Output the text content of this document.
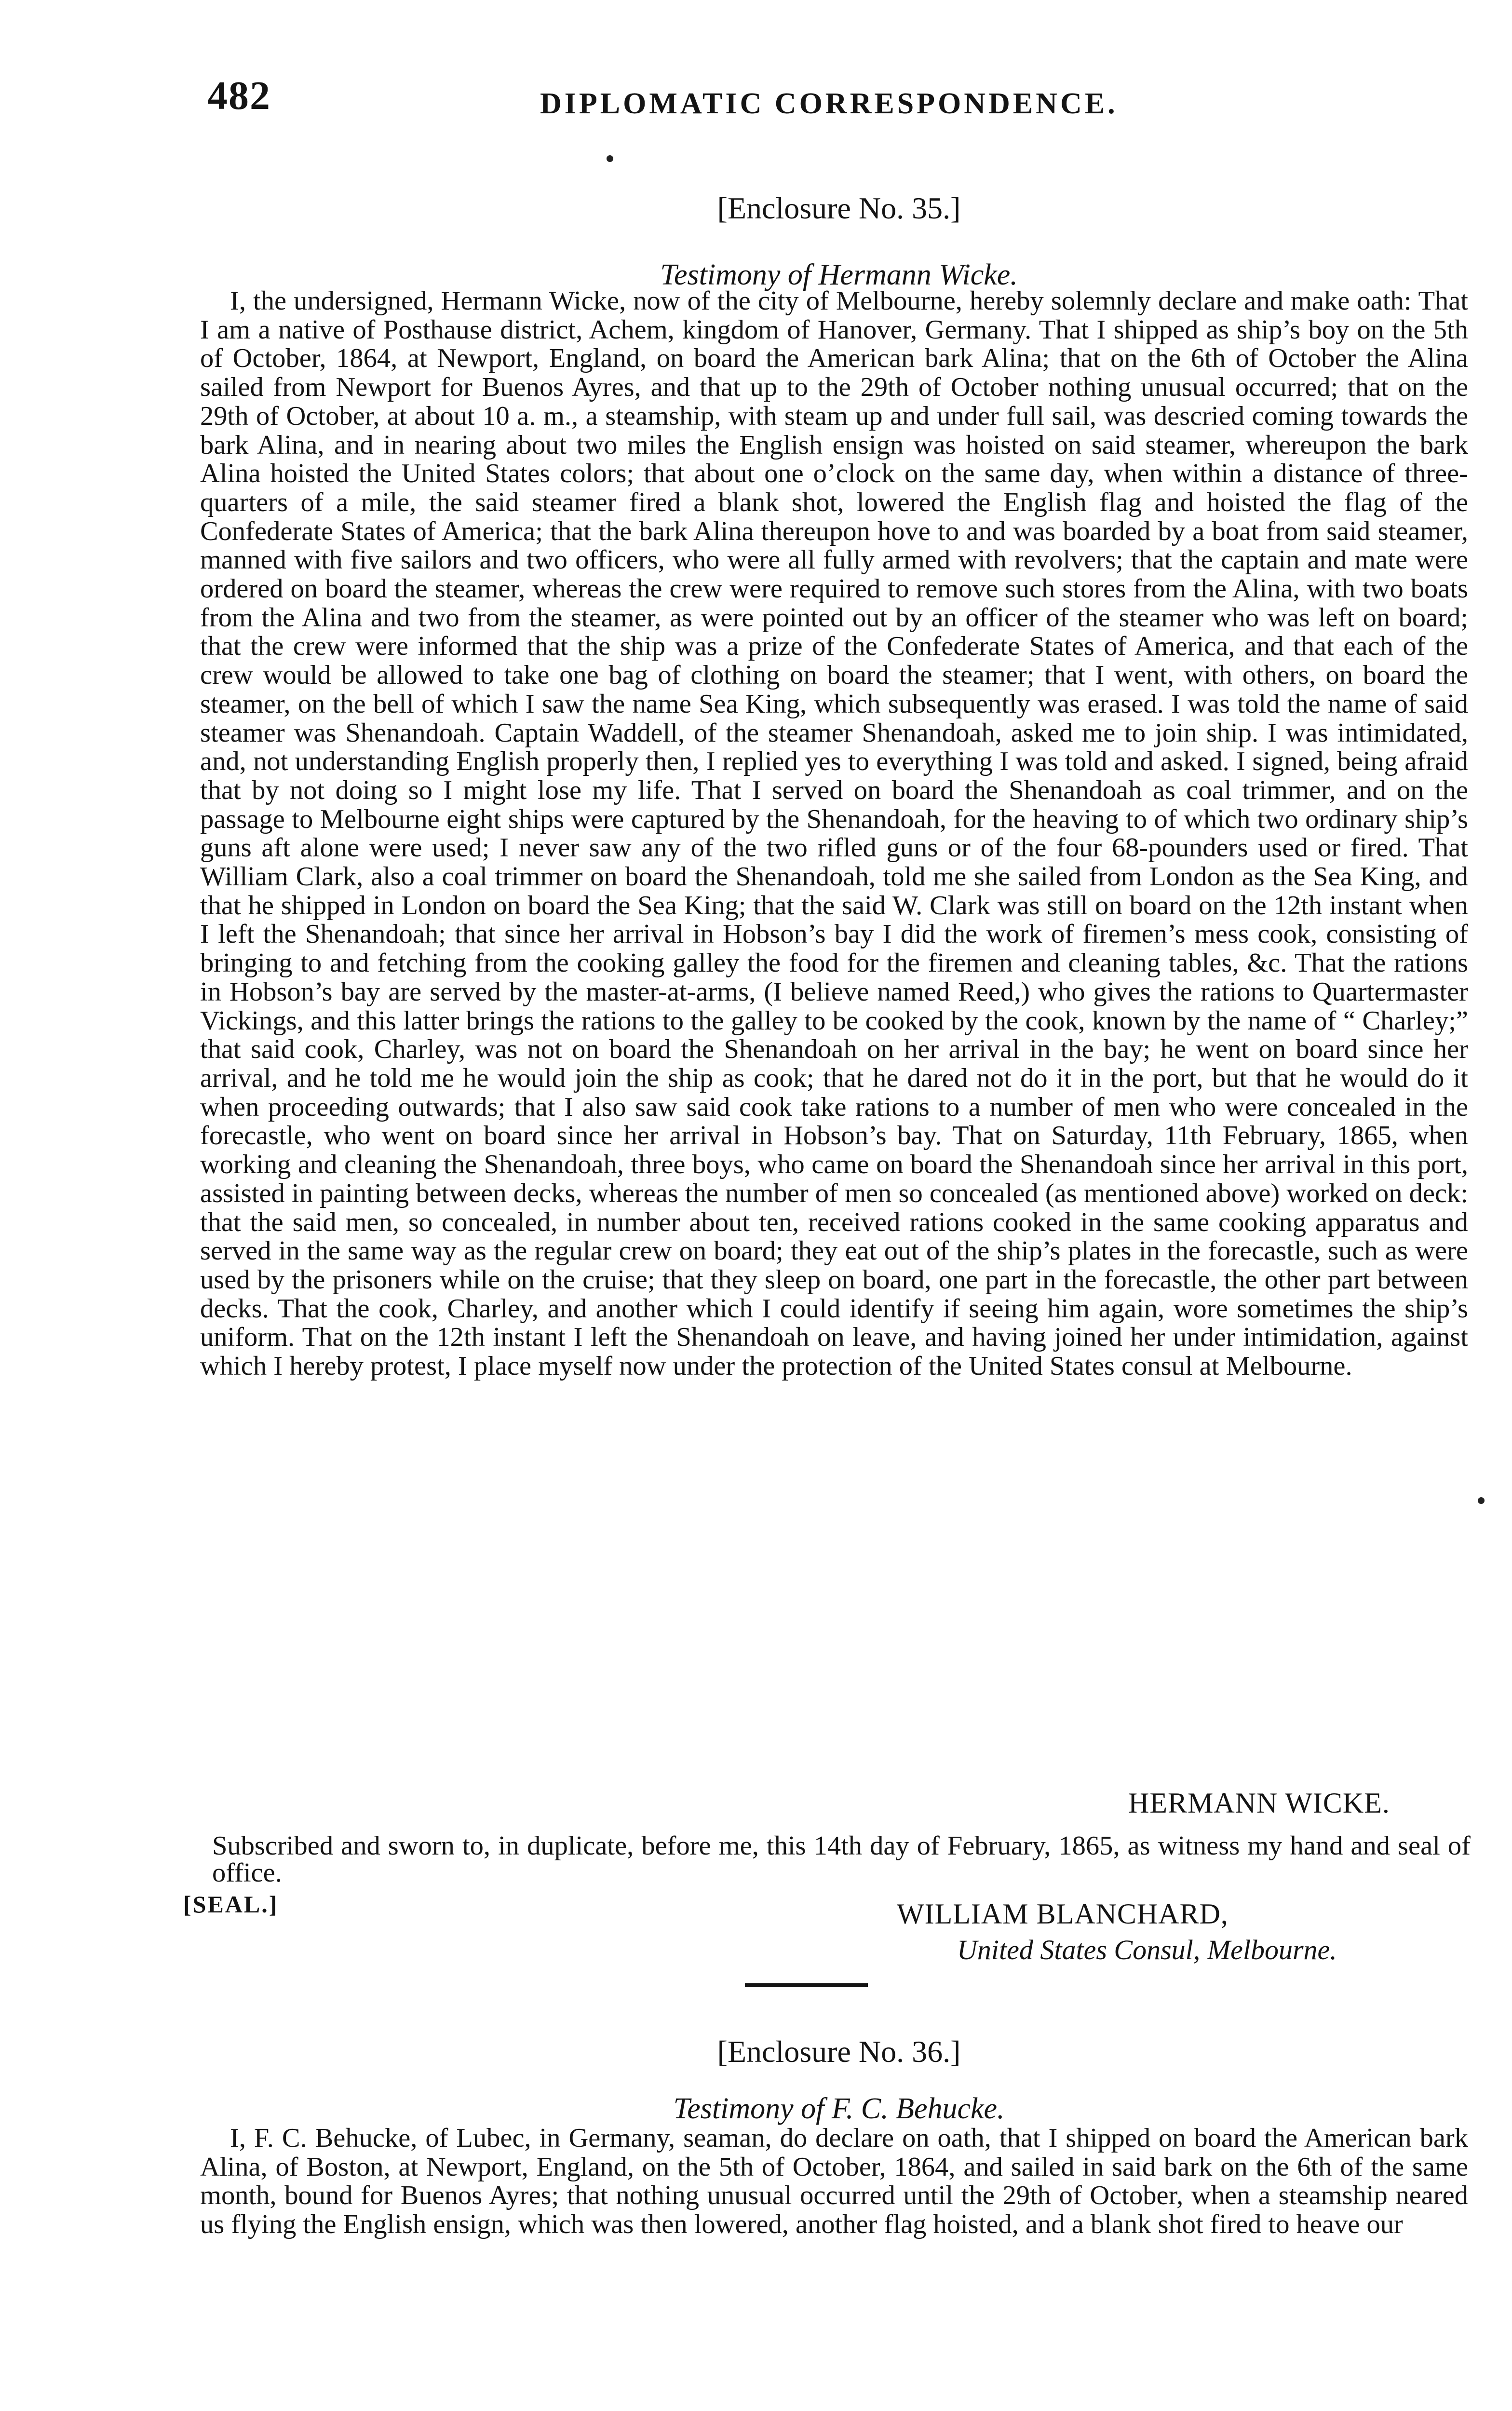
482	DIPLOMATIC CORRESPONDENCE.
[Enclosure No. 35.]
Testimony of Hermann Wicke.

I, the undersigned, Hermann Wicke, now of the city of Melbourne, hereby solemnly declare and make oath: That I am a native of Posthause district, Achem, kingdom of Hanover, Germany. That I shipped as ship’s boy on the 5th of October, 1864, at Newport, England, on board the American bark Alina; that on the 6th of October the Alina sailed from Newport for Buenos Ayres, and that up to the 29th of October nothing unusual occurred; that on the 29th of October, at about 10 a. m., a steamship, with steam up and under full sail, was descried coming towards the bark Alina, and in nearing about two miles the English ensign was hoisted on said steamer, whereupon the bark Alina hoisted the United States colors; that about one o’clock on the same day, when within a distance of three-quarters of a mile, the said steamer fired a blank shot, lowered the English flag and hoisted the flag of the Confederate States of America; that the bark Alina thereupon hove to and was boarded by a boat from said steamer, manned with five sailors and two officers, who were all fully armed with revolvers; that the captain and mate were ordered on board the steamer, whereas the crew were required to remove such stores from the Alina, with two boats from the Alina and two from the steamer, as were pointed out by an officer of the steamer who was left on board; that the crew were informed that the ship was a prize of the Confederate States of America, and that each of the crew would be allowed to take one bag of clothing on board the steamer; that I went, with others, on board the steamer, on the bell of which I saw the name Sea King, which subsequently was erased. I was told the name of said steamer was Shenandoah. Captain Waddell, of the steamer Shenandoah, asked me to join ship. I was intimidated, and, not understanding English properly then, I replied yes to everything I was told and asked. I signed, being afraid that by not doing so I might lose my life. That I served on board the Shenandoah as coal trimmer, and on the passage to Melbourne eight ships were captured by the Shenandoah, for the heaving to of which two ordinary ship’s guns aft alone were used; I never saw any of the two rifled guns or of the four 68-pounders used or fired. That William Clark, also a coal trimmer on board the Shenandoah, told me she sailed from London as the Sea King, and that he shipped in London on board the Sea King; that the said W. Clark was still on board on the 12th instant when I left the Shenandoah; that since her arrival in Hobson’s bay I did the work of firemen’s mess cook, consisting of bringing to and fetching from the cooking galley the food for the firemen and cleaning tables, &c. That the rations in Hobson’s bay are served by the master-at-arms, (I believe named Reed,) who gives the rations to Quartermaster Vickings, and this latter brings the rations to the galley to be cooked by the cook, known by the name of “ Charley;” that said cook, Charley, was not on board the Shenandoah on her arrival in the bay; he went on board since her arrival, and he told me he would join the ship as cook; that he dared not do it in the port, but that he would do it when proceeding outwards; that I also saw said cook take rations to a number of men who were concealed in the forecastle, who went on board since her arrival in Hobson’s bay. That on Saturday, 11th February, 1865, when working and cleaning the Shenandoah, three boys, who came on board the Shenandoah since her arrival in this port, assisted in painting between decks, whereas the number of men so concealed (as mentioned above) worked on deck: that the said men, so concealed, in number about ten, received rations cooked in the same cooking apparatus and served in the same way as the regular crew on board; they eat out of the ship’s plates in the forecastle, such as were used by the prisoners while on the cruise; that they sleep on board, one part in the forecastle, the other part between decks. That the cook, Charley, and another which I could identify if seeing him again, wore sometimes the ship’s uniform. That on the 12th instant I left the Shenandoah on leave, and having joined her under intimidation, against which I hereby protest, I place myself now under the protection of the United States consul at Melbourne.

HERMANN WICKE.

Subscribed and sworn to, in duplicate, before me, this 14th day of February, 1865, as witness my hand and seal of office.

[SEAL.]	WILLIAM BLANCHARD,
United States Consul, Melbourne.
[Enclosure No. 36.]
Testimony of F. C. Behucke.

I, F. C. Behucke, of Lubec, in Germany, seaman, do declare on oath, that I shipped on board the American bark Alina, of Boston, at Newport, England, on the 5th of October, 1864, and sailed in said bark on the 6th of the same month, bound for Buenos Ayres; that nothing unusual occurred until the 29th of October, when a steamship neared us flying the English ensign, which was then lowered, another flag hoisted, and a blank shot fired to heave our
